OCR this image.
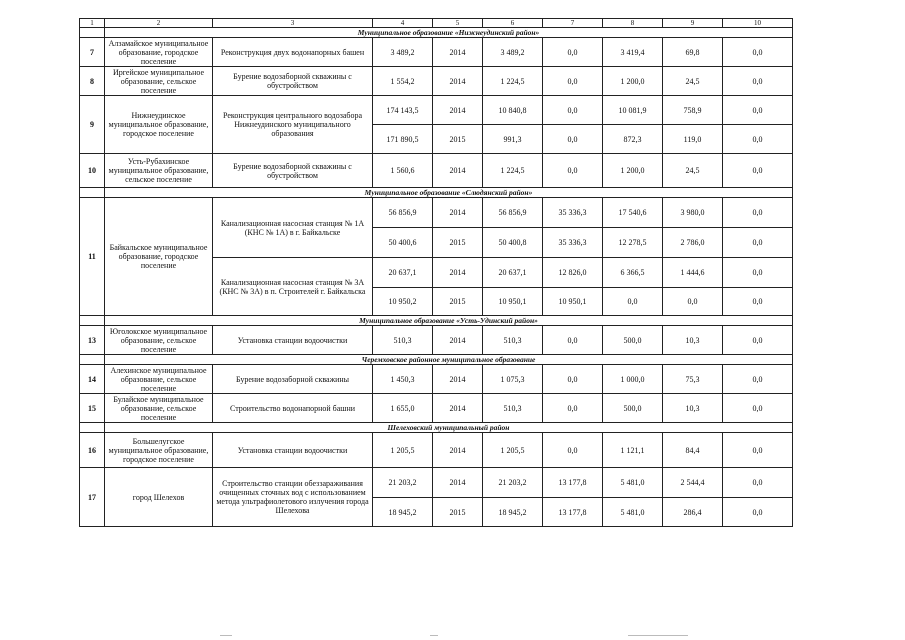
1	2	3	4	5	6	7	8	9	10
	Муниципальное образование «Нижнеудинский район»								
7	Алзамайское муниципальное образование, городское поселение	Реконструкция двух водонапорных башен	3 489,2	2014	3 489,2	0,0	3 419,4	69,8	0,0
8	Иргейское муниципальное образование, сельское поселение	Бурение водозаборной скважины с обустройством	1 554,2	2014	1 224,5	0,0	1 200,0	24,5	0,0
9	Нижнеудинское муниципальное образование, городское поселение	Реконструкция центрального водозабора Нижнеудинского муниципального образования	174 143,5	2014	10 840,8	0,0	10 081,9	758,9	0,0
			171 890,5	2015	991,3	0,0	872,3	119,0	0,0
10	Усть-Рубахинское муниципальное образование, сельское поселение	Бурение водозаборной скважины с обустройством	1 560,6	2014	1 224,5	0,0	1 200,0	24,5	0,0
	Муниципальное образование «Слюдянский район»								
11	Байкальское муниципальное образование, городское поселение	Канализационная насосная станция № 1А (КНС № 1А) в г. Байкальске	56 856,9	2014	56 856,9	35 336,3	17 540,6	3 980,0	0,0
			50 400,6	2015	50 400,8	35 336,3	12 278,5	2 786,0	0,0
		Канализационная насосная станция № 3А (КНС № 3А) в п. Строителей г. Байкальска	20 637,1	2014	20 637,1	12 826,0	6 366,5	1 444,6	0,0
			10 950,2	2015	10 950,1	10 950,1	0,0	0,0	0,0
	Муниципальное образование «Усть-Удинский район»								
13	Юголокское муниципальное образование, сельское поселение	Установка станции водоочистки	510,3	2014	510,3	0,0	500,0	10,3	0,0
	Черемховское районное муниципальное образование								
14	Алехинское муниципальное образование, сельское поселение	Бурение водозаборной скважины	1 450,3	2014	1 075,3	0,0	1 000,0	75,3	0,0
15	Булайское муниципальное образование, сельское поселение	Строительство водонапорной башни	1 655,0	2014	510,3	0,0	500,0	10,3	0,0
	Шелеховский муниципальный район								
16	Большелугское муниципальное образование, городское поселение	Установка станции водоочистки	1 205,5	2014	1 205,5	0,0	1 121,1	84,4	0,0
17	город Шелехов	Строительство станции обеззараживания очищенных сточных вод с использованием метода ультрафиолетового излучения города Шелехова	21 203,2	2014	21 203,2	13 177,8	5 481,0	2 544,4	0,0
			18 945,2	2015	18 945,2	13 177,8	5 481,0	286,4	0,0
